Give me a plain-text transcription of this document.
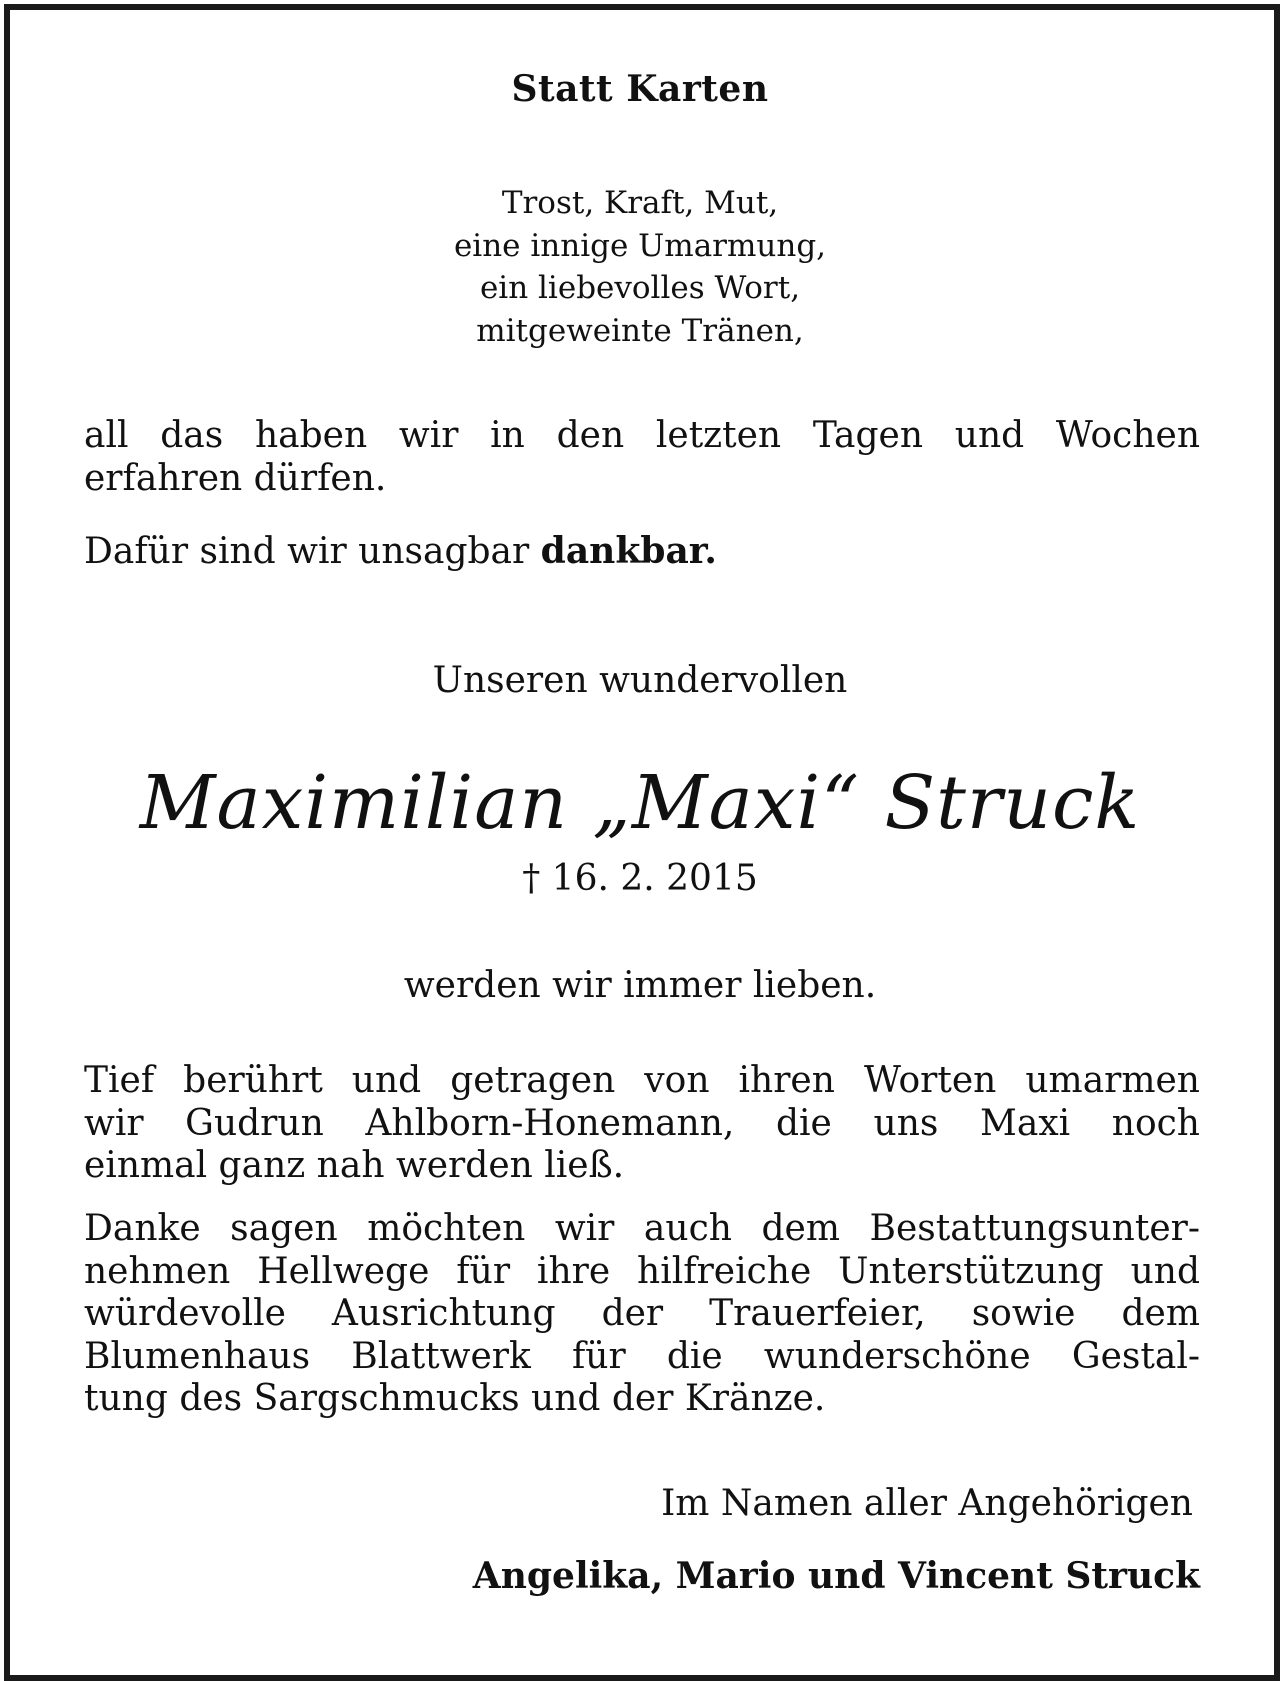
Statt Karten

Trost, Kraft, Mut,
eine innige Umarmung,
ein liebevolles Wort,
mitgeweinte Tränen,
all das haben wir in den letzten Tagen und Wochen
erfahren dürfen.
Dafür sind wir unsagbar dankbar.

Unseren wundervollen

Maximilian „Maxi“ Struck

† 16. 2. 2015

werden wir immer lieben.

Tief berührt und getragen von ihren Worten umarmen
wir Gudrun Ahlborn-Honemann, die uns Maxi noch
einmal ganz nah werden ließ.
Danke sagen möchten wir auch dem Bestattungsunter-
nehmen Hellwege für ihre hilfreiche Unterstützung und
würdevolle Ausrichtung der Trauerfeier, sowie dem
Blumenhaus Blattwerk für die wunderschöne Gestal-
tung des Sargschmucks und der Kränze.

Im Namen aller Angehörigen

Angelika, Mario und Vincent Struck
